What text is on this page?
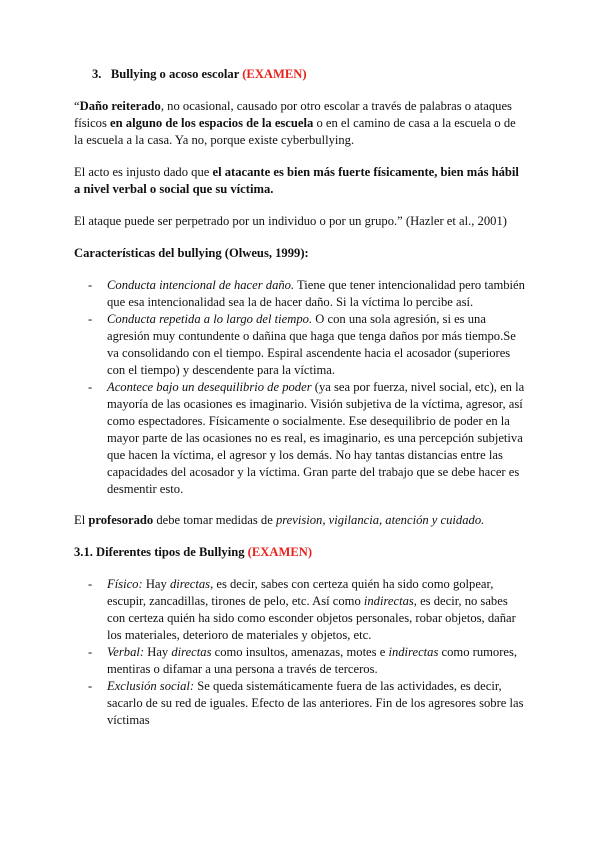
3. Bullying o acoso escolar (EXAMEN)

“Daño reiterado, no ocasional, causado por otro escolar a través de palabras o ataques físicos en alguno de los espacios de la escuela o en el camino de casa a la escuela o de la escuela a la casa. Ya no, porque existe cyberbullying.

El acto es injusto dado que el atacante es bien más fuerte físicamente, bien más hábil a nivel verbal o social que su víctima.

El ataque puede ser perpetrado por un individuo o por un grupo.” (Hazler et al., 2001)

Características del bullying (Olweus, 1999):
- Conducta intencional de hacer daño. Tiene que tener intencionalidad pero también que esa intencionalidad sea la de hacer daño. Si la víctima lo percibe así.
- Conducta repetida a lo largo del tiempo. O con una sola agresión, si es una agresión muy contundente o dañina que haga que tenga daños por más tiempo.Se va consolidando con el tiempo. Espiral ascendente hacia el acosador (superiores con el tiempo) y descendente para la víctima.
- Acontece bajo un desequilibrio de poder (ya sea por fuerza, nivel social, etc), en la mayoría de las ocasiones es imaginario. Visión subjetiva de la víctima, agresor, así como espectadores. Físicamente o socialmente. Ese desequilibrio de poder en la mayor parte de las ocasiones no es real, es imaginario, es una percepción subjetiva que hacen la víctima, el agresor y los demás. No hay tantas distancias entre las capacidades del acosador y la víctima. Gran parte del trabajo que se debe hacer es desmentir esto.

El profesorado debe tomar medidas de prevision, vigilancia, atención y cuidado.

3.1. Diferentes tipos de Bullying (EXAMEN)
- Físico: Hay directas, es decir, sabes con certeza quién ha sido como golpear, escupir, zancadillas, tirones de pelo, etc. Así como indirectas, es decir, no sabes con certeza quién ha sido como esconder objetos personales, robar objetos, dañar los materiales, deterioro de materiales y objetos, etc.
- Verbal: Hay directas como insultos, amenazas, motes e indirectas como rumores, mentiras o difamar a una persona a través de terceros.
- Exclusión social: Se queda sistemáticamente fuera de las actividades, es decir, sacarlo de su red de iguales. Efecto de las anteriores. Fin de los agresores sobre las víctimas
